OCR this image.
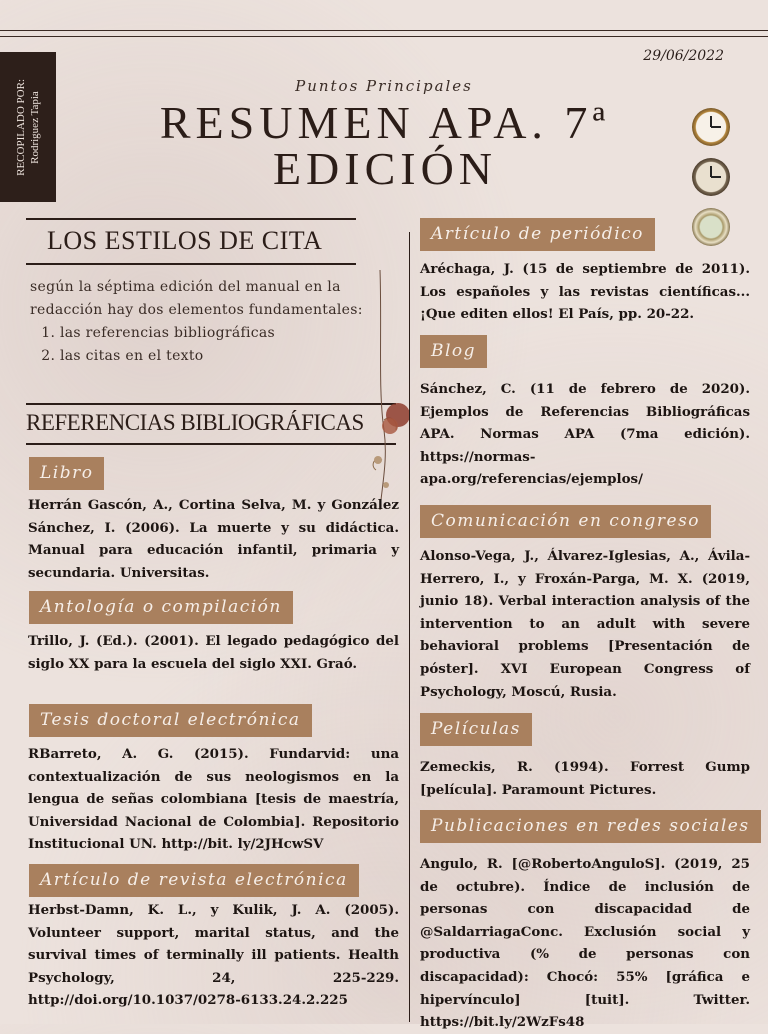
29/06/2022
RECOPILADO POR: Rodriguez Tapia
Puntos Principales
RESUMEN APA. 7ª
EDICIÓN
LOS ESTILOS DE CITA
según la séptima edición del manual en la redacción hay dos elementos fundamentales:
1. las referencias bibliográficas
2. las citas en el texto
REFERENCIAS BIBLIOGRÁFICAS
Libro
Herrán Gascón, A., Cortina Selva, M. y González Sánchez, I. (2006). La muerte y su didáctica. Manual para educación infantil, primaria y secundaria. Universitas.
Antología o compilación
Trillo, J. (Ed.). (2001). El legado pedagógico del siglo XX para la escuela del siglo XXI. Graó.
Tesis doctoral electrónica
RBarreto, A. G. (2015). Fundarvid: una contextualización de sus neologismos en la lengua de señas colombiana [tesis de maestría, Universidad Nacional de Colombia]. Repositorio Institucional UN. http://bit. ly/2JHcwSV
Artículo de revista electrónica
Herbst-Damn, K. L., y Kulik, J. A. (2005). Volunteer support, marital status, and the survival times of terminally ill patients. Health Psychology, 24, 225-229. http://doi.org/10.1037/0278-6133.24.2.225
Artículo de periódico
Aréchaga, J. (15 de septiembre de 2011). Los españoles y las revistas científicas... ¡Que editen ellos! El País, pp. 20-22.
Blog
Sánchez, C. (11 de febrero de 2020). Ejemplos de Referencias Bibliográficas APA. Normas APA (7ma edición). https://normas-apa.org/referencias/ejemplos/
Comunicación en congreso
Alonso-Vega, J., Álvarez-Iglesias, A., Ávila-Herrero, I., y Froxán-Parga, M. X. (2019, junio 18). Verbal interaction analysis of the intervention to an adult with severe behavioral problems [Presentación de póster]. XVI European Congress of Psychology, Moscú, Rusia.
Películas
Zemeckis, R. (1994). Forrest Gump [película]. Paramount Pictures.
Publicaciones en redes sociales
Angulo, R. [@RobertoAnguloS]. (2019, 25 de octubre). Índice de inclusión de personas con discapacidad de @SaldarriagaConc. Exclusión social y productiva (% de personas con discapacidad): Chocó: 55% [gráfica e hipervínculo] [tuit]. Twitter. https://bit.ly/2WzFs48
